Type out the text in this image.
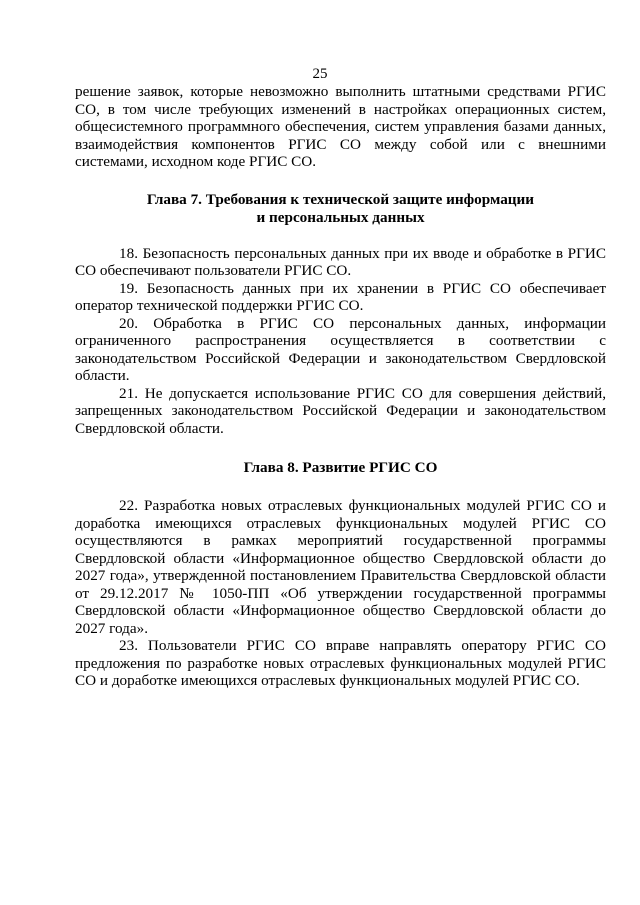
25

решение заявок, которые невозможно выполнить штатными средствами РГИС СО, в том числе требующих изменений в настройках операционных систем, общесистемного программного обеспечения, систем управления базами данных, взаимодействия компонентов РГИС СО между собой или с внешними системами, исходном коде РГИС СО.

Глава 7. Требования к технической защите информации
и персональных данных

18. Безопасность персональных данных при их вводе и обработке в РГИС СО обеспечивают пользователи РГИС СО.

19. Безопасность данных при их хранении в РГИС СО обеспечивает оператор технической поддержки РГИС СО.

20. Обработка в РГИС СО персональных данных, информации ограниченного распространения осуществляется в соответствии с законодательством Российской Федерации и законодательством Свердловской области.

21. Не допускается использование РГИС СО для совершения действий, запрещенных законодательством Российской Федерации и законодательством Свердловской области.

Глава 8. Развитие РГИС СО

22. Разработка новых отраслевых функциональных модулей РГИС СО и доработка имеющихся отраслевых функциональных модулей РГИС СО осуществляются в рамках мероприятий государственной программы Свердловской области «Информационное общество Свердловской области до 2027 года», утвержденной постановлением Правительства Свердловской области от 29.12.2017 № 1050-ПП «Об утверждении государственной программы Свердловской области «Информационное общество Свердловской области до 2027 года».

23. Пользователи РГИС СО вправе направлять оператору РГИС СО предложения по разработке новых отраслевых функциональных модулей РГИС СО и доработке имеющихся отраслевых функциональных модулей РГИС СО.
